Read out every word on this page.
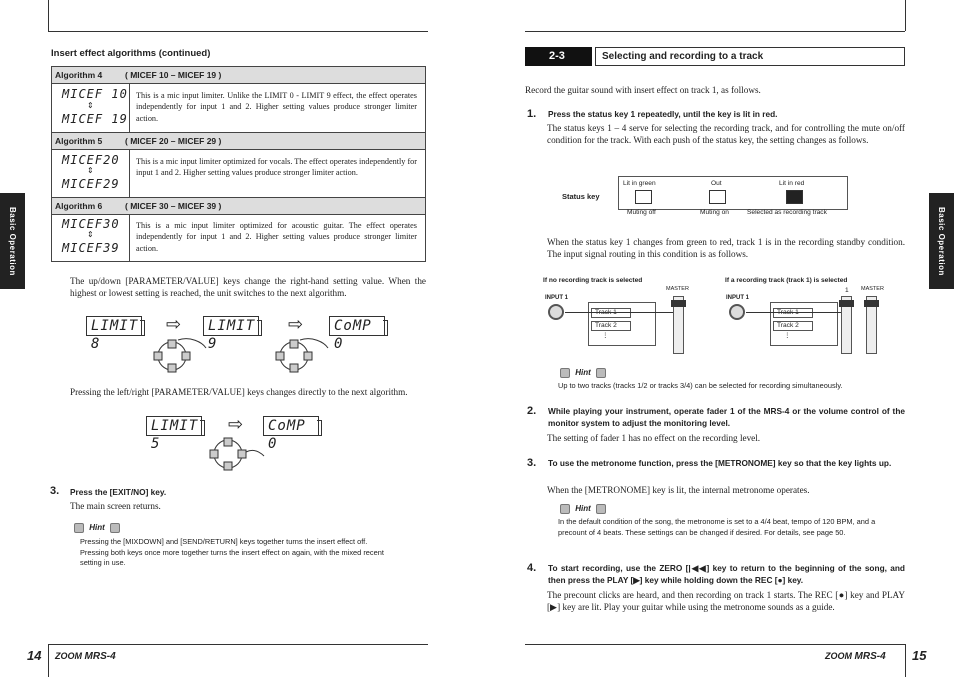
Basic Operation	Basic Operation
Insert effect algorithms (continued)
Algorithm 4	( MICEF 10 – MICEF 19 )
MICEF 10
⇕
MICEF 19
This is a mic input limiter. Unlike the LIMIT 0 - LIMIT 9 effect, the effect operates independently for input 1 and 2. Higher setting values produce stronger limiter action.
Algorithm 5	( MICEF 20 – MICEF 29 )
MICEF20
⇕
MICEF29
This is a mic input limiter optimized for vocals. The effect operates independently for input 1 and 2. Higher setting values produce stronger limiter action.
Algorithm 6	( MICEF 30 – MICEF 39 )
MICEF30
⇕
MICEF39
This is a mic input limiter optimized for acoustic guitar. The effect operates independently for input 1 and 2. Higher setting values produce stronger limiter action.
The up/down [PARAMETER/VALUE] keys change the right-hand setting value. When the highest or lowest setting is reached, the unit switches to the next algorithm.
LIMIT 8
⇨	LIMIT 9
⇨	CoMP 0
Pressing the left/right [PARAMETER/VALUE] keys changes directly to the next algorithm.
LIMIT 5
⇨	CoMP 0
3. Press the [EXIT/NO] key.
The main screen returns.
Hint
Pressing the [MIXDOWN] and [SEND/RETURN] keys together turns the insert effect off. Pressing both keys once more together turns the insert effect on again, with the mixed recent setting in use.
14 ZOOM MRS-4
2-3	Selecting and recording to a track
Record the guitar sound with insert effect on track 1, as follows.
1. Press the status key 1 repeatedly, until the key is lit in red.
The status keys 1 – 4 serve for selecting the recording track, and for controlling the mute on/off condition for the track. With each push of the status key, the setting changes as follows.
Status key
Lit in green
Muting off
Out
Muting on
Lit in red
Selected as recording track
When the status key 1 changes from green to red, track 1 is in the recording standby condition. The input signal routing in this condition is as follows.
If no recording track is selected	If a recording track (track 1) is selected
INPUT 1
Track 2
⋮
MASTER
INPUT 1
Track 2
⋮
1 MASTER
Hint
Up to two tracks (tracks 1/2 or tracks 3/4) can be selected for recording simultaneously.
2. While playing your instrument, operate fader 1 of the MRS-4 or the volume control of the monitor system to adjust the monitoring level.
The setting of fader 1 has no effect on the recording level.
3. To use the metronome function, press the [METRONOME] key so that the key lights up.
When the [METRONOME] key is lit, the internal metronome operates.
Hint
In the default condition of the song, the metronome is set to a 4/4 beat, tempo of 120 BPM, and a precount of 4 beats. These settings can be changed if desired. For details, see page 50.
4. To start recording, use the ZERO [|◀◀] key to return to the beginning of the song, and then press the PLAY [▶] key while holding down the REC [●] key.
The precount clicks are heard, and then recording on track 1 starts. The REC [●] key and PLAY [▶] key are lit. Play your guitar while using the metronome sounds as a guide.
ZOOM MRS-4 15
